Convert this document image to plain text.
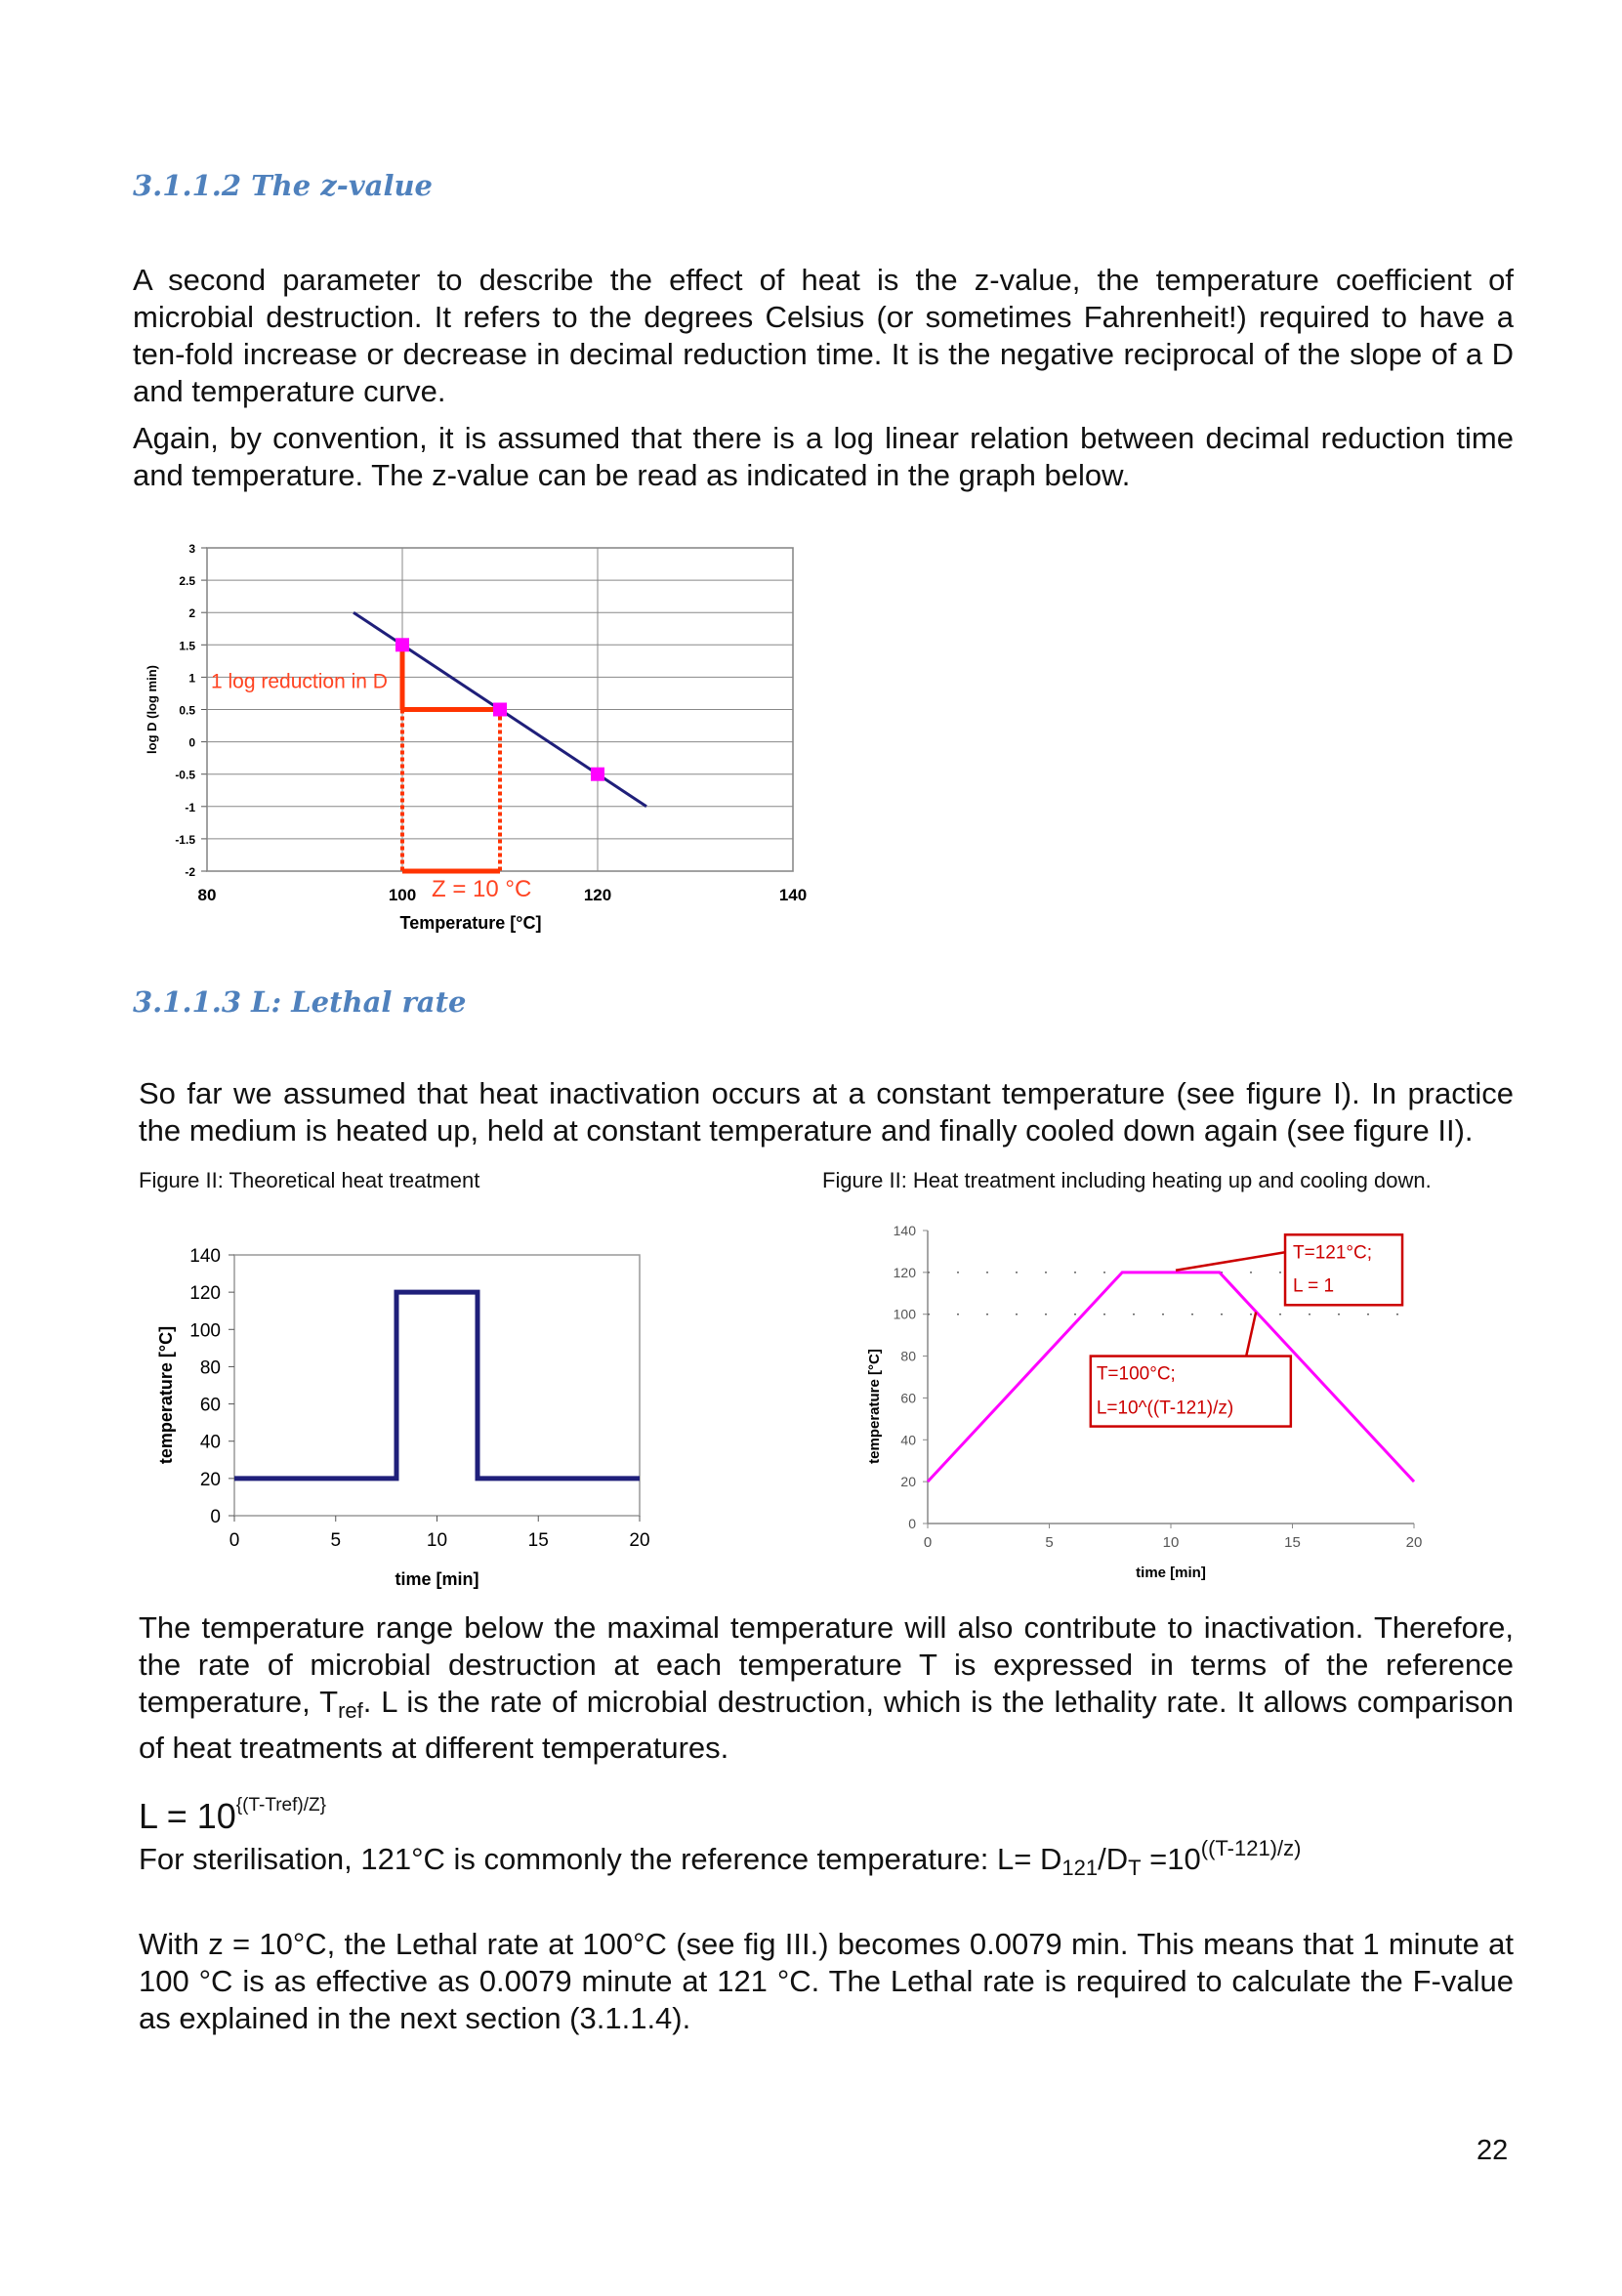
3.1.1.2 The z-value
A second parameter to describe the effect of heat is the z-value, the temperature coefficient of microbial destruction. It refers to the degrees Celsius (or sometimes Fahrenheit!) required to have a ten-fold increase or decrease in decimal reduction time. It is the negative reciprocal of the slope of a D and temperature curve.
Again, by convention, it is assumed that there is a log linear relation between decimal reduction time and temperature. The z-value can be read as indicated in the graph below.
3
2.5
2
1.5
1
0.5
0
-0.5
-1
-1.5
-2
80	100	120	140
Temperature [°C]
log D (log min)	1 log reduction in D
Z = 10 °C
3.1.1.3 L: Lethal rate
So far we assumed that heat inactivation occurs at a constant temperature (see figure I). In practice the medium is heated up, held at constant temperature and finally cooled down again (see figure II).
Figure II: Theoretical heat treatment	Figure II: Heat treatment including heating up and cooling down.
140
120
100
80
60
40
20
0
0	5	10	15	20
time [min]
temperature [°C]
140
120
100
80
60
40
20
0
0	5	10	15	20
time [min]
temperature [°C]
T=121°C;
L = 1
T=100°C;
L=10^((T-121)/z)
The temperature range below the maximal temperature will also contribute to inactivation. Therefore, the rate of microbial destruction at each temperature T is expressed in terms of the reference temperature, $T_{ref}$. L is the rate of microbial destruction, which is the lethality rate. It allows comparison of heat treatments at different temperatures.
$L = 10^{\{(T-Tref)/Z\}}$
For sterilisation, 121°C is commonly the reference temperature: $L= D_{121}/D_T =10^{((T-121)/z)}$
With z = 10°C, the Lethal rate at 100°C (see fig III.) becomes 0.0079 min. This means that 1 minute at 100 °C is as effective as 0.0079 minute at 121 °C. The Lethal rate is required to calculate the F-value as explained in the next section (3.1.1.4).
22
